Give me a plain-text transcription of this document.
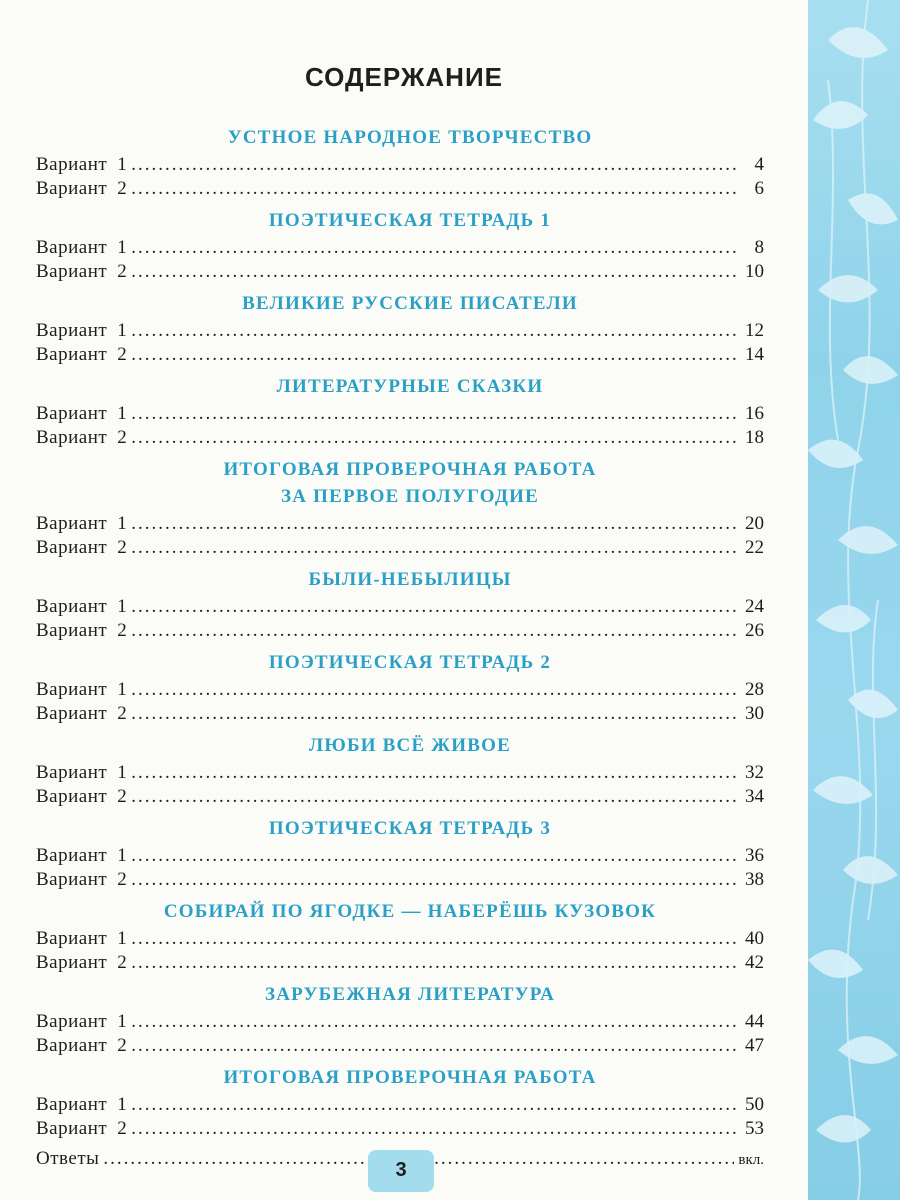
СОДЕРЖАНИЕ
УСТНОЕ НАРОДНОЕ ТВОРЧЕСТВО
Вариант 1 .....	4
Вариант 2 .....	6
ПОЭТИЧЕСКАЯ ТЕТРАДЬ 1
Вариант 1 .....	8
Вариант 2 .....	10
ВЕЛИКИЕ РУССКИЕ ПИСАТЕЛИ
Вариант 1 .....	12
Вариант 2 .....	14
ЛИТЕРАТУРНЫЕ СКАЗКИ
Вариант 1 .....	16
Вариант 2 .....	18
ИТОГОВАЯ ПРОВЕРОЧНАЯ РАБОТА
ЗА ПЕРВОЕ ПОЛУГОДИЕ
Вариант 1 .....	20
Вариант 2 .....	22
БЫЛИ-НЕБЫЛИЦЫ
Вариант 1 .....	24
Вариант 2 .....	26
ПОЭТИЧЕСКАЯ ТЕТРАДЬ 2
Вариант 1 .....	28
Вариант 2 .....	30
ЛЮБИ ВСЁ ЖИВОЕ
Вариант 1 .....	32
Вариант 2 .....	34
ПОЭТИЧЕСКАЯ ТЕТРАДЬ 3
Вариант 1 .....	36
Вариант 2 .....	38
СОБИРАЙ ПО ЯГОДКЕ — НАБЕРЁШЬ КУЗОВОК
Вариант 1 .....	40
Вариант 2 .....	42
ЗАРУБЕЖНАЯ ЛИТЕРАТУРА
Вариант 1 .....	44
Вариант 2 .....	47
ИТОГОВАЯ ПРОВЕРОЧНАЯ РАБОТА
Вариант 1 .....	50
Вариант 2 .....	53
Ответы .....	вкл.
3
